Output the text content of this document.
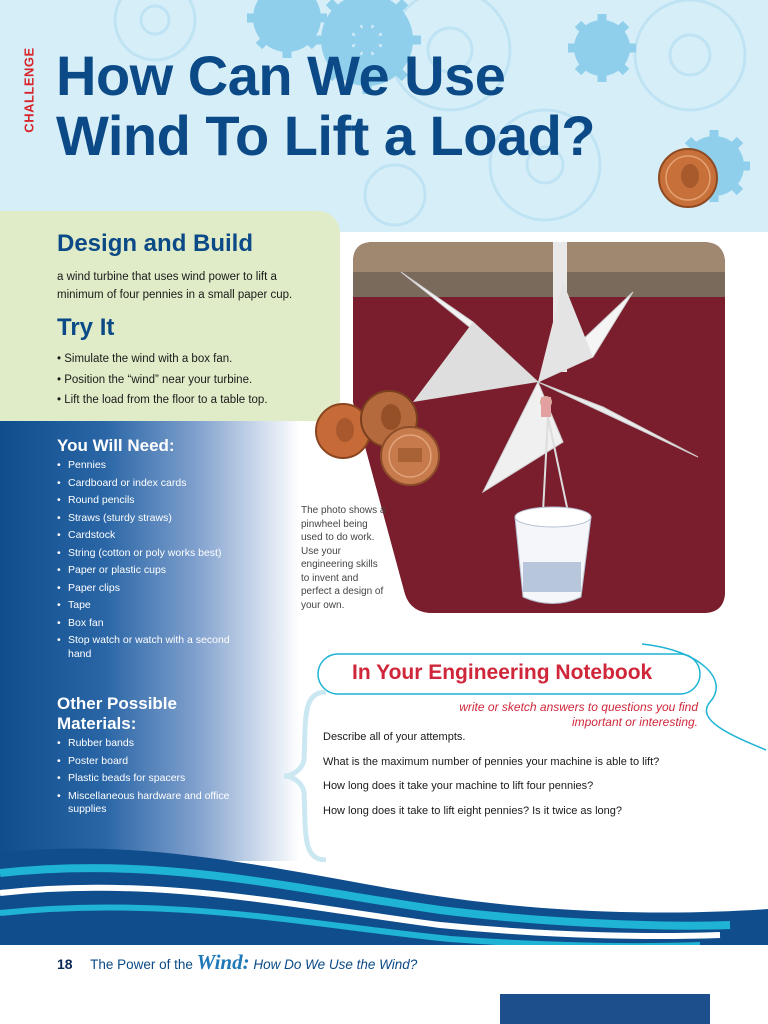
CHALLENGE How Can We Use
Wind To Lift a Load?
Design and Build

a wind turbine that uses wind power to lift a minimum of four pennies in a small paper cup.

Try It
• Simulate the wind with a box fan.
• Position the “wind” near your turbine.
• Lift the load from the floor to a table top.
You Will Need:
• Pennies
• Cardboard or index cards
• Round pencils
• Straws (sturdy straws)
• Cardstock
• String (cotton or poly works best)
• Paper or plastic cups
• Paper clips
• Tape
• Box fan
• Stop watch or watch with a second hand
Other Possible Materials:
• Rubber bands
• Poster board
• Plastic beads for spacers
• Miscellaneous hardware and office supplies

The photo shows a pinwheel being used to do work. Use your engineering skills to invent and perfect a design of your own.

In Your Engineering Notebook

write or sketch answers to questions you find important or interesting.

Describe all of your attempts.
What is the maximum number of pennies your machine is able to lift?
How long does it take your machine to lift four pennies?
How long does it take to lift eight pennies? Is it twice as long?
18 The Power of the Wind: How Do We Use the Wind?
